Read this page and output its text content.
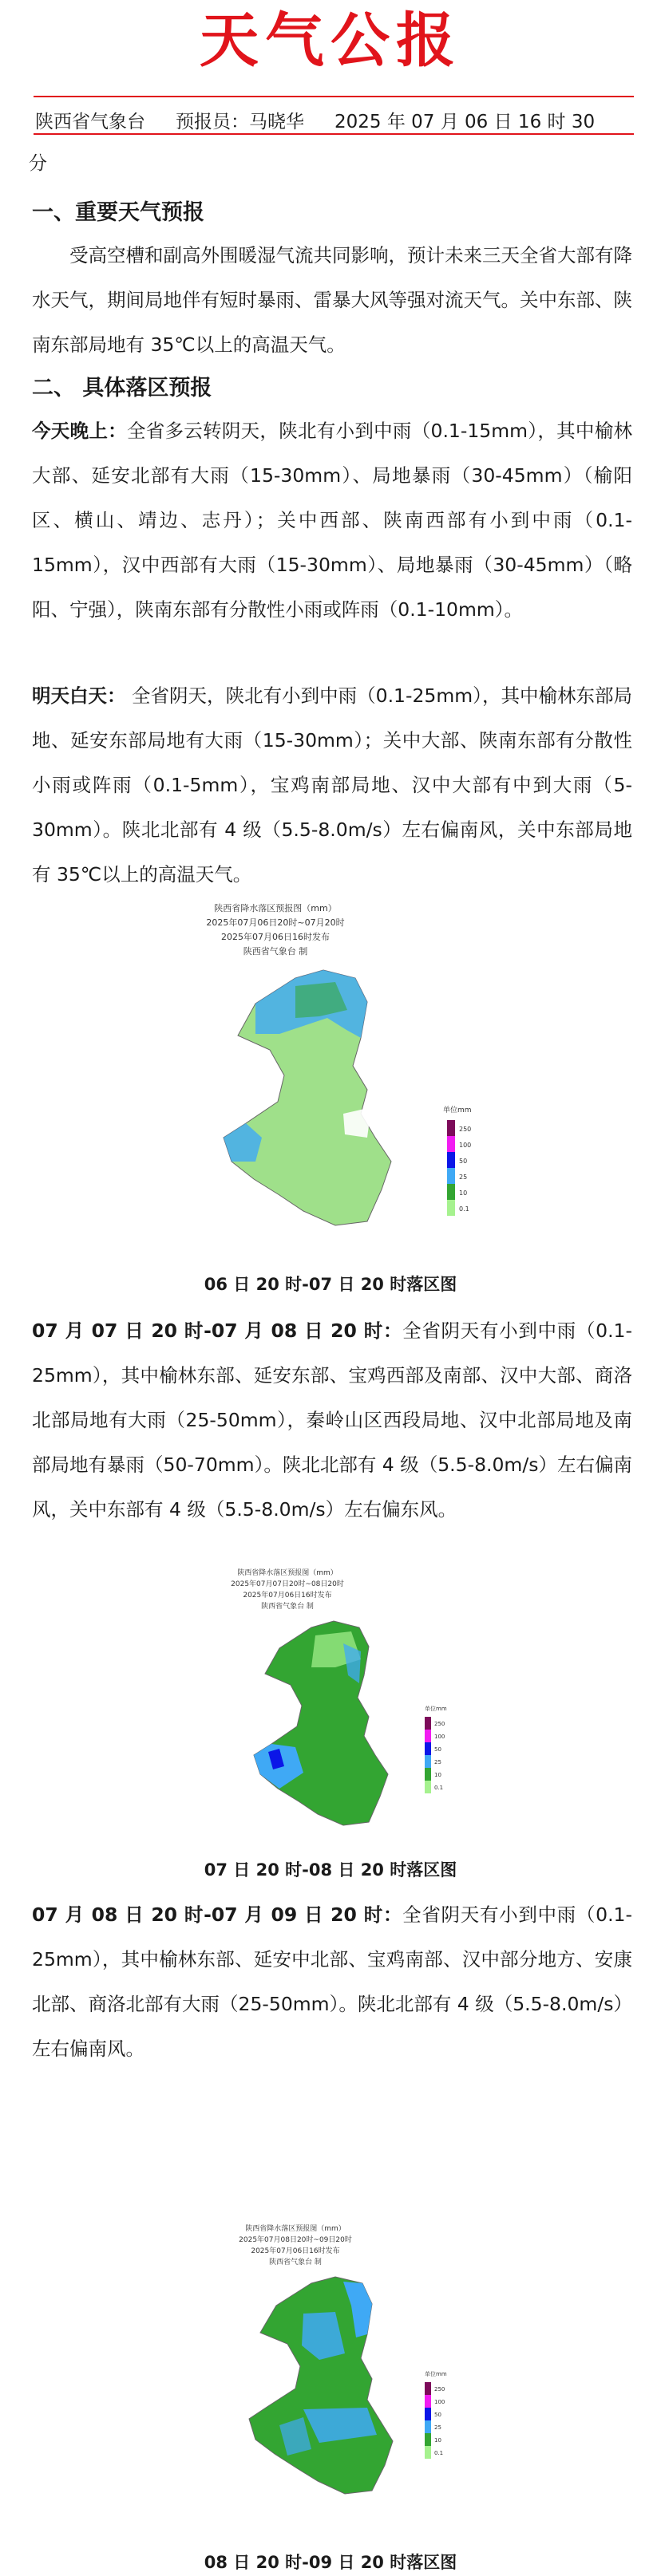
天气公报
陕西省气象台 预报员：马晓华 2025 年 07 月 06 日 16 时 30
分
一、重要天气预报
受高空槽和副高外围暖湿气流共同影响，预计未来三天全省大部有降水天气，期间局地伴有短时暴雨、雷暴大风等强对流天气。关中东部、陕南东部局地有 35℃以上的高温天气。
二、 具体落区预报
今天晚上：全省多云转阴天，陕北有小到中雨（0.1-15mm），其中榆林大部、延安北部有大雨（15-30mm）、局地暴雨（30-45mm）（榆阳区、横山、靖边、志丹）；关中西部、陕南西部有小到中雨（0.1-15mm），汉中西部有大雨（15-30mm）、局地暴雨（30-45mm）（略阳、宁强），陕南东部有分散性小雨或阵雨（0.1-10mm）。
明天白天： 全省阴天，陕北有小到中雨（0.1-25mm），其中榆林东部局地、延安东部局地有大雨（15-30mm）；关中大部、陕南东部有分散性小雨或阵雨（0.1-5mm），宝鸡南部局地、汉中大部有中到大雨（5-30mm）。陕北北部有 4 级（5.5-8.0m/s）左右偏南风，关中东部局地有 35℃以上的高温天气。
陕西省降水落区预报图（mm）
2025年07月06日20时~07月20时
2025年07月06日16时发布
陕西省气象台 制
单位mm
250
100
50
25
10
0.1
06 日 20 时-07 日 20 时落区图
07 月 07 日 20 时-07 月 08 日 20 时：全省阴天有小到中雨（0.1-25mm），其中榆林东部、延安东部、宝鸡西部及南部、汉中大部、商洛北部局地有大雨（25-50mm），秦岭山区西段局地、汉中北部局地及南部局地有暴雨（50-70mm）。陕北北部有 4 级（5.5-8.0m/s）左右偏南风，关中东部有 4 级（5.5-8.0m/s）左右偏东风。
陕西省降水落区预报图（mm）
2025年07月07日20时~08日20时
2025年07月06日16时发布
陕西省气象台 制
单位mm
250
100
50
25
10
0.1
07 日 20 时-08 日 20 时落区图
07 月 08 日 20 时-07 月 09 日 20 时：全省阴天有小到中雨（0.1-25mm），其中榆林东部、延安中北部、宝鸡南部、汉中部分地方、安康北部、商洛北部有大雨（25-50mm）。陕北北部有 4 级（5.5-8.0m/s）左右偏南风。
陕西省降水落区预报图（mm）
2025年07月08日20时~09日20时
2025年07月06日16时发布
陕西省气象台 制
单位mm
250
100
50
25
10
0.1
08 日 20 时-09 日 20 时落区图
